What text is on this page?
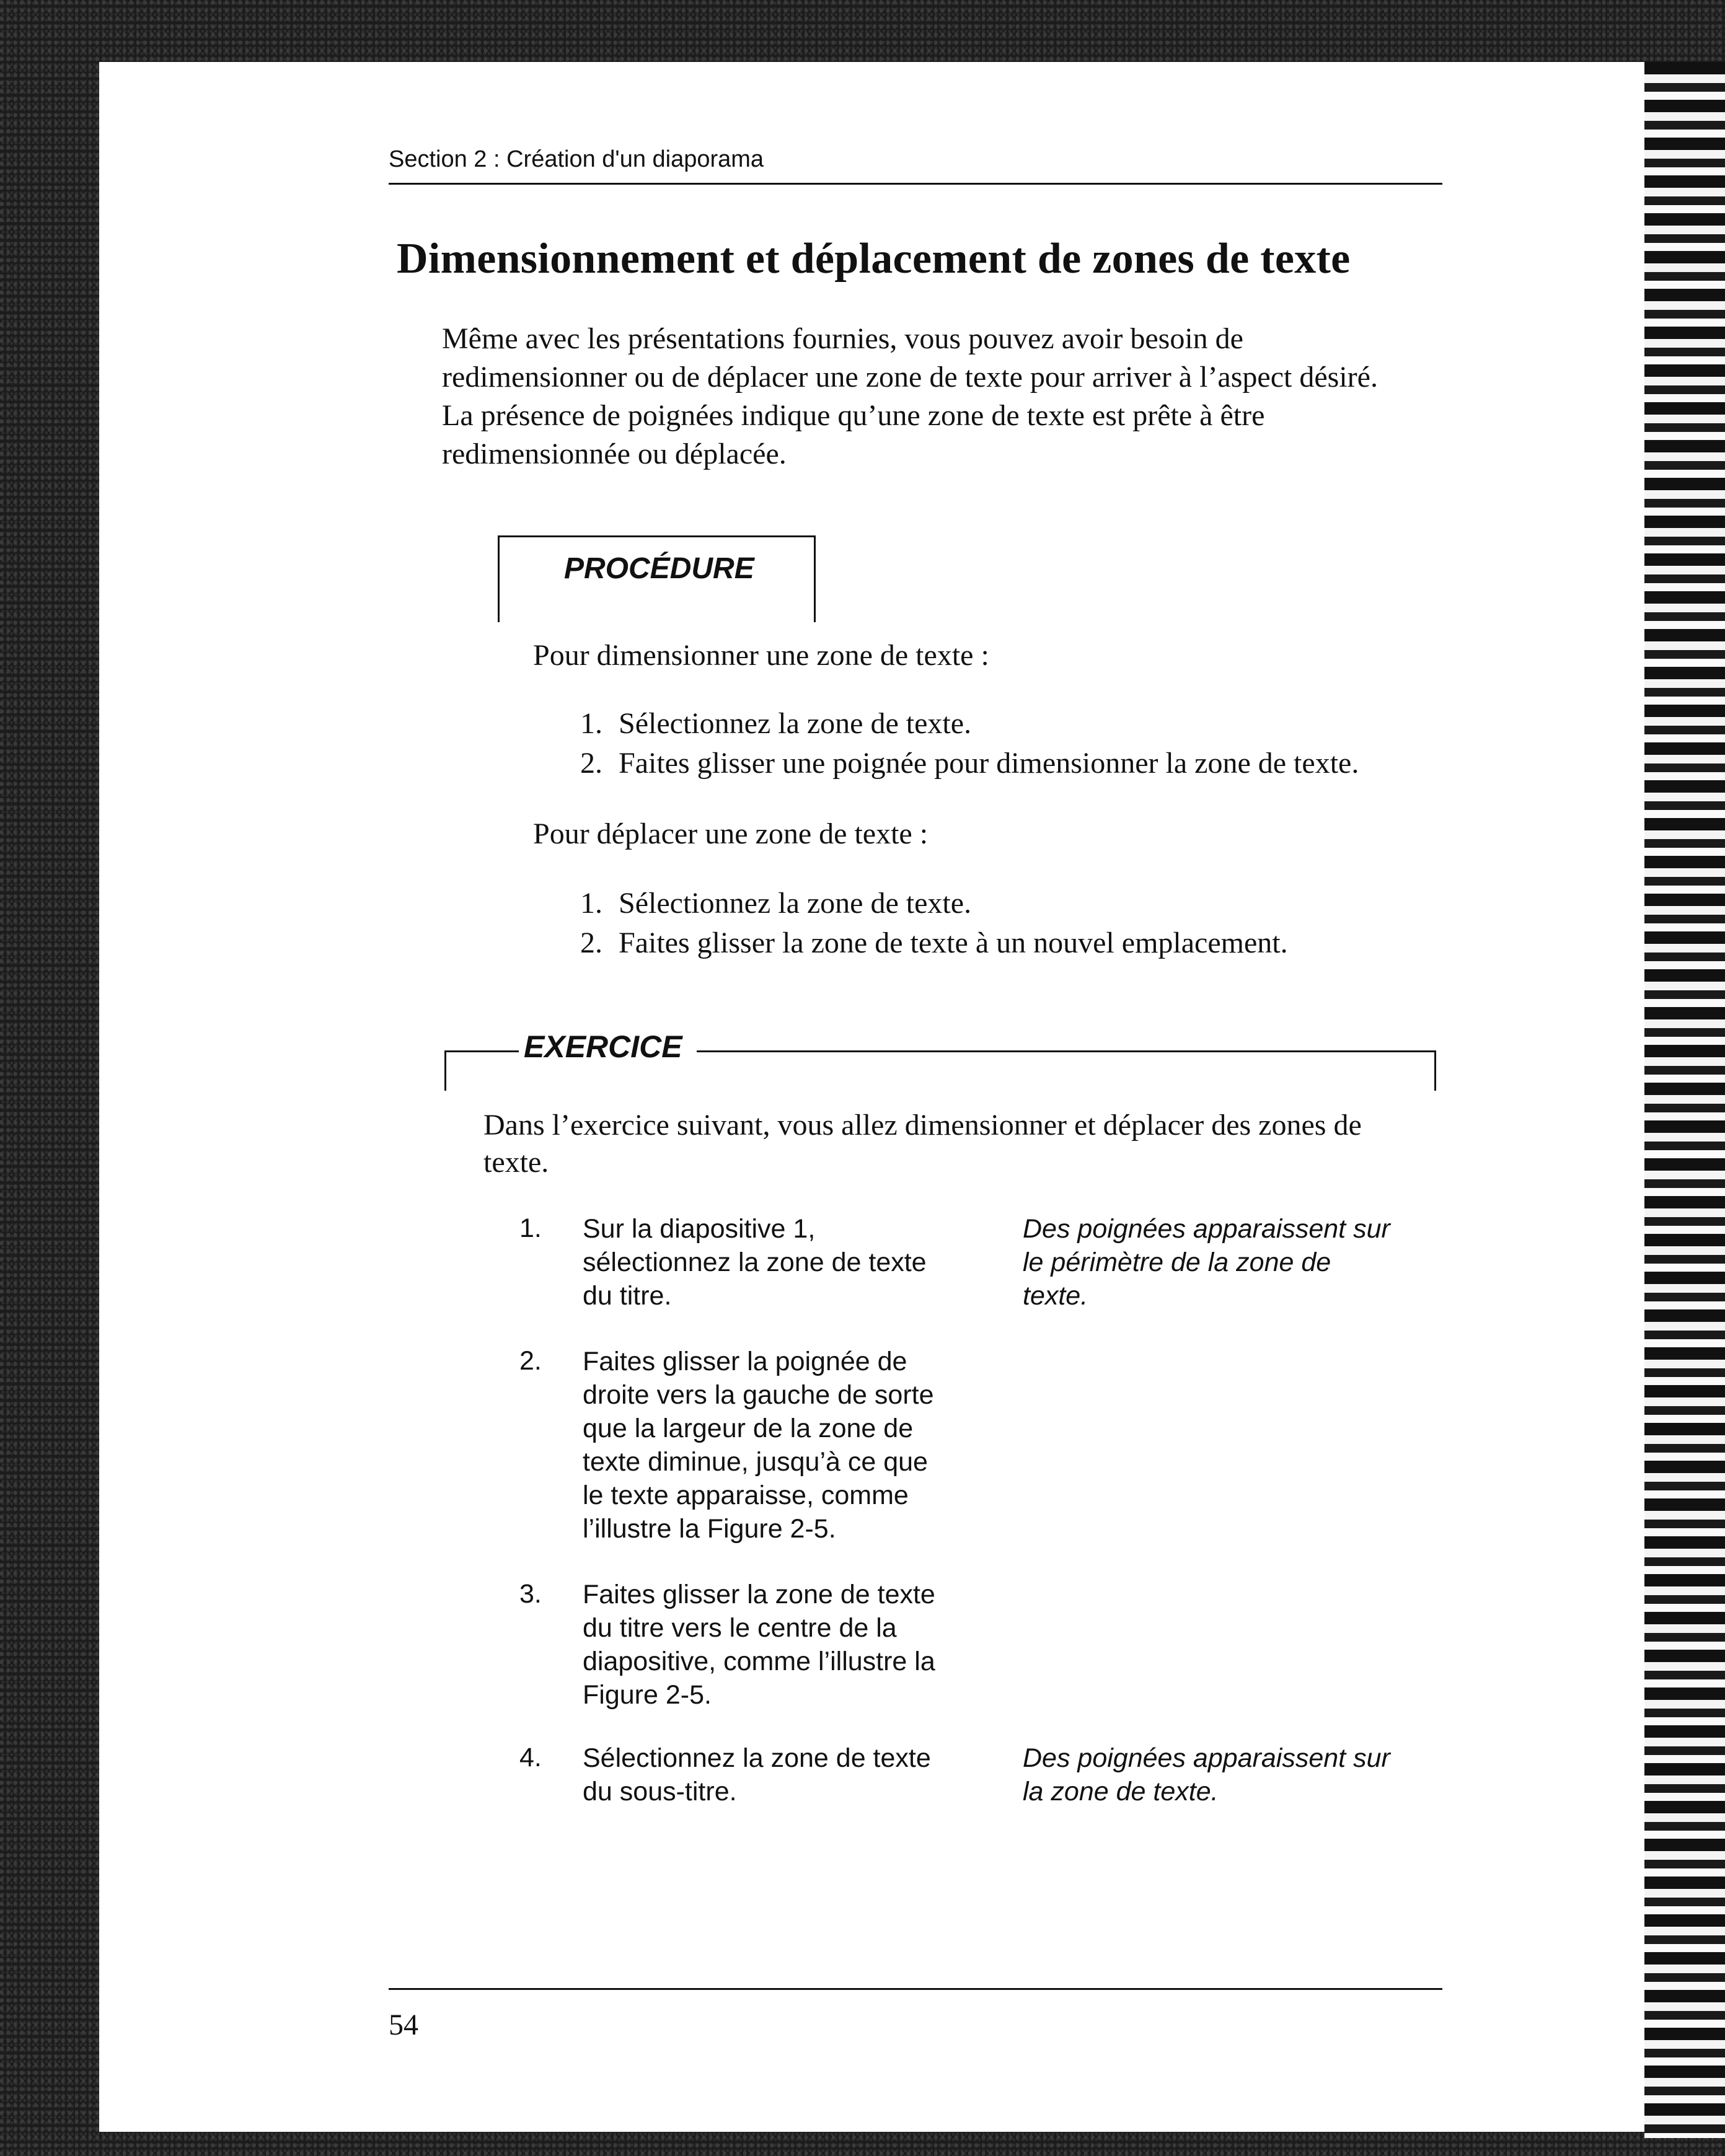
Section 2 : Création d'un diaporama
Dimensionnement et déplacement de zones de texte
Même avec les présentations fournies, vous pouvez avoir besoin de
redimensionner ou de déplacer une zone de texte pour arriver à l’aspect désiré.
La présence de poignées indique qu’une zone de texte est prête à être
redimensionnée ou déplacée.
PROCÉDURE
Pour dimensionner une zone de texte :
1. Sélectionnez la zone de texte.
2. Faites glisser une poignée pour dimensionner la zone de texte.
Pour déplacer une zone de texte :
1. Sélectionnez la zone de texte.
2. Faites glisser la zone de texte à un nouvel emplacement.
EXERCICE
Dans l’exercice suivant, vous allez dimensionner et déplacer des zones de
texte.
1. Sur la diapositive 1,
sélectionnez la zone de texte
du titre.
Des poignées apparaissent sur
le périmètre de la zone de
texte.
2. Faites glisser la poignée de
droite vers la gauche de sorte
que la largeur de la zone de
texte diminue, jusqu’à ce que
le texte apparaisse, comme
l’illustre la Figure 2-5.
3. Faites glisser la zone de texte
du titre vers le centre de la
diapositive, comme l’illustre la
Figure 2-5.
4. Sélectionnez la zone de texte
du sous-titre.
Des poignées apparaissent sur
la zone de texte.
54
